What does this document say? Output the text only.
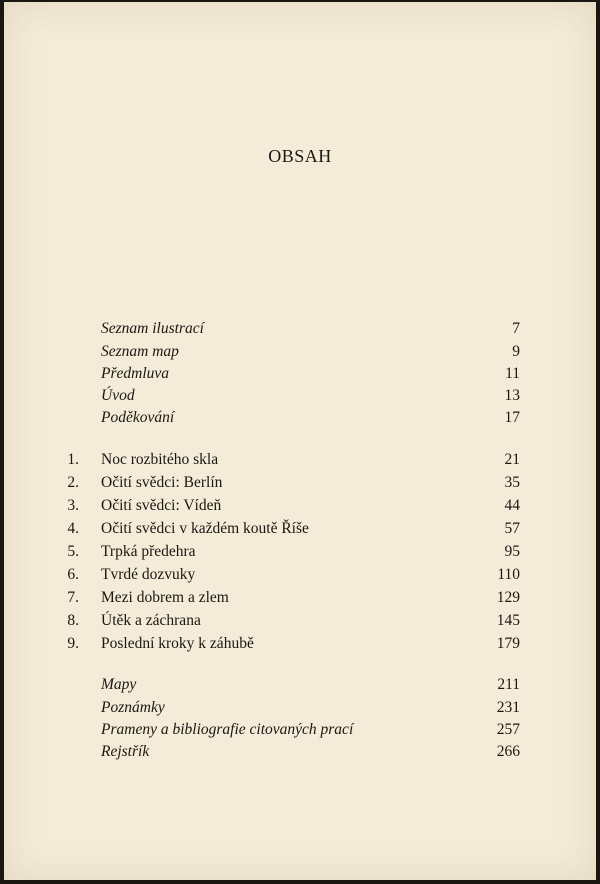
OBSAH
Seznam ilustrací	7
Seznam map	9
Předmluva	11
Úvod	13
Poděkování	17
1. Noc rozbitého skla	21
2. Očití svědci: Berlín	35
3. Očití svědci: Vídeň	44
4. Očití svědci v každém koutě Říše	57
5. Trpká předehra	95
6. Tvrdé dozvuky	110
7. Mezi dobrem a zlem	129
8. Útěk a záchrana	145
9. Poslední kroky k záhubě	179
Mapy	211
Poznámky	231
Prameny a bibliografie citovaných prací	257
Rejstřík	266
